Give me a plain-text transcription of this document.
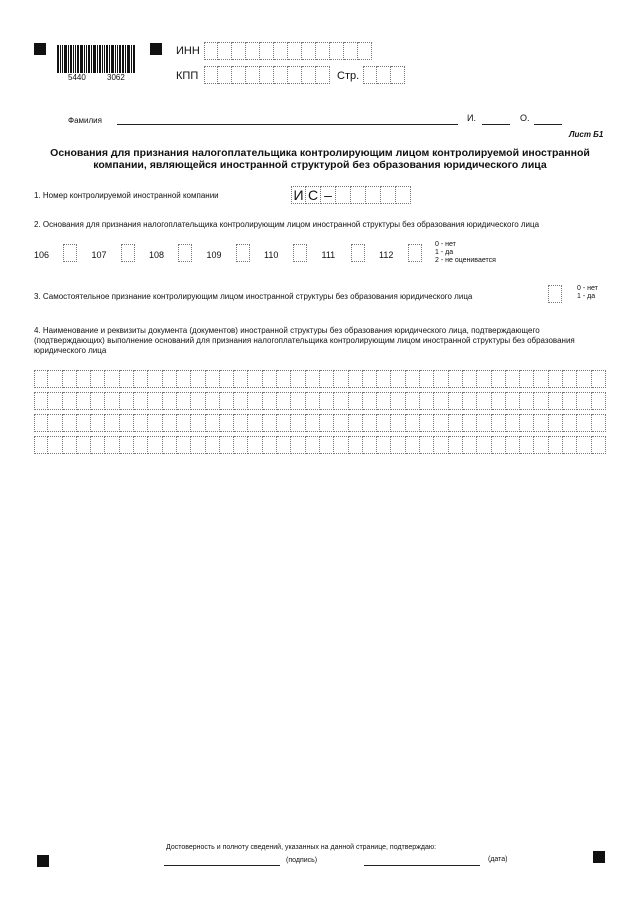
5440	3062
ИНН
КПП	Стр.
Фамилия	И.	О.
Лист Б1
Основания для признания налогоплательщика контролирующим лицом контролируемой иностранной компании, являющейся иностранной структурой без образования юридического лица
1. Номер контролируемой иностранной компании	И С –
2. Основания для признания налогоплательщика контролирующим лицом иностранной структуры без образования юридического лица
106	107	108	109	110	111	112
0 - нет
1 - да
2 - не оценивается
3. Самостоятельное признание контролирующим лицом иностранной структуры без образования юридического лица
0 - нет
1 - да
4. Наименование и реквизиты документа (документов) иностранной структуры без образования юридического лица, подтверждающего (подтверждающих) выполнение оснований для признания налогоплательщика контролирующим лицом иностранной структуры без образования юридического лица
Достоверность и полноту сведений, указанных на данной странице, подтверждаю:
(подпись)	(дата)
